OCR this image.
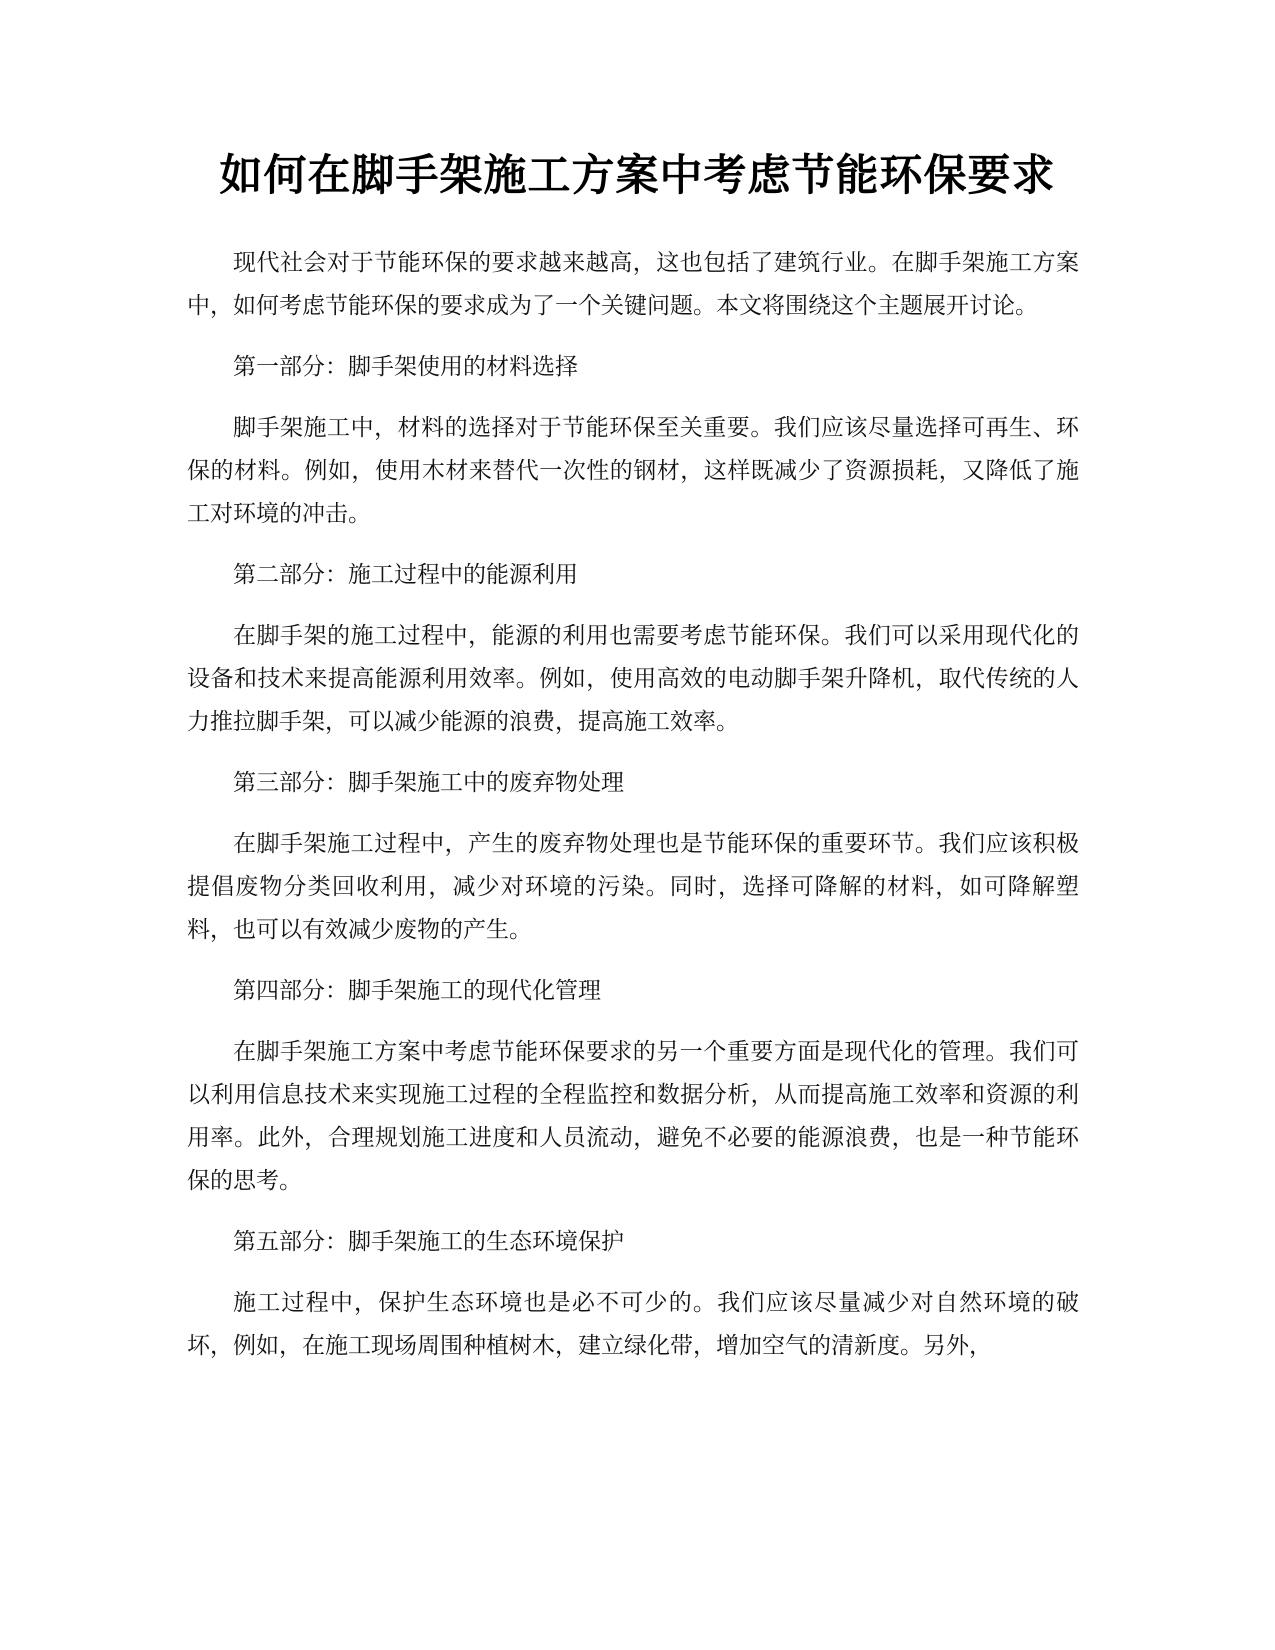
如何在脚手架施工方案中考虑节能环保要求

现代社会对于节能环保的要求越来越高，这也包括了建筑行业。在脚手架施工方案中，如何考虑节能环保的要求成为了一个关键问题。本文将围绕这个主题展开讨论。

第一部分：脚手架使用的材料选择

脚手架施工中，材料的选择对于节能环保至关重要。我们应该尽量选择可再生、环保的材料。例如，使用木材来替代一次性的钢材，这样既减少了资源损耗，又降低了施工对环境的冲击。

第二部分：施工过程中的能源利用

在脚手架的施工过程中，能源的利用也需要考虑节能环保。我们可以采用现代化的设备和技术来提高能源利用效率。例如，使用高效的电动脚手架升降机，取代传统的人力推拉脚手架，可以减少能源的浪费，提高施工效率。

第三部分：脚手架施工中的废弃物处理

在脚手架施工过程中，产生的废弃物处理也是节能环保的重要环节。我们应该积极提倡废物分类回收利用，减少对环境的污染。同时，选择可降解的材料，如可降解塑料，也可以有效减少废物的产生。

第四部分：脚手架施工的现代化管理

在脚手架施工方案中考虑节能环保要求的另一个重要方面是现代化的管理。我们可以利用信息技术来实现施工过程的全程监控和数据分析，从而提高施工效率和资源的利用率。此外，合理规划施工进度和人员流动，避免不必要的能源浪费，也是一种节能环保的思考。

第五部分：脚手架施工的生态环境保护

施工过程中，保护生态环境也是必不可少的。我们应该尽量减少对自然环境的破坏，例如，在施工现场周围种植树木，建立绿化带，增加空气的清新度。另外，
